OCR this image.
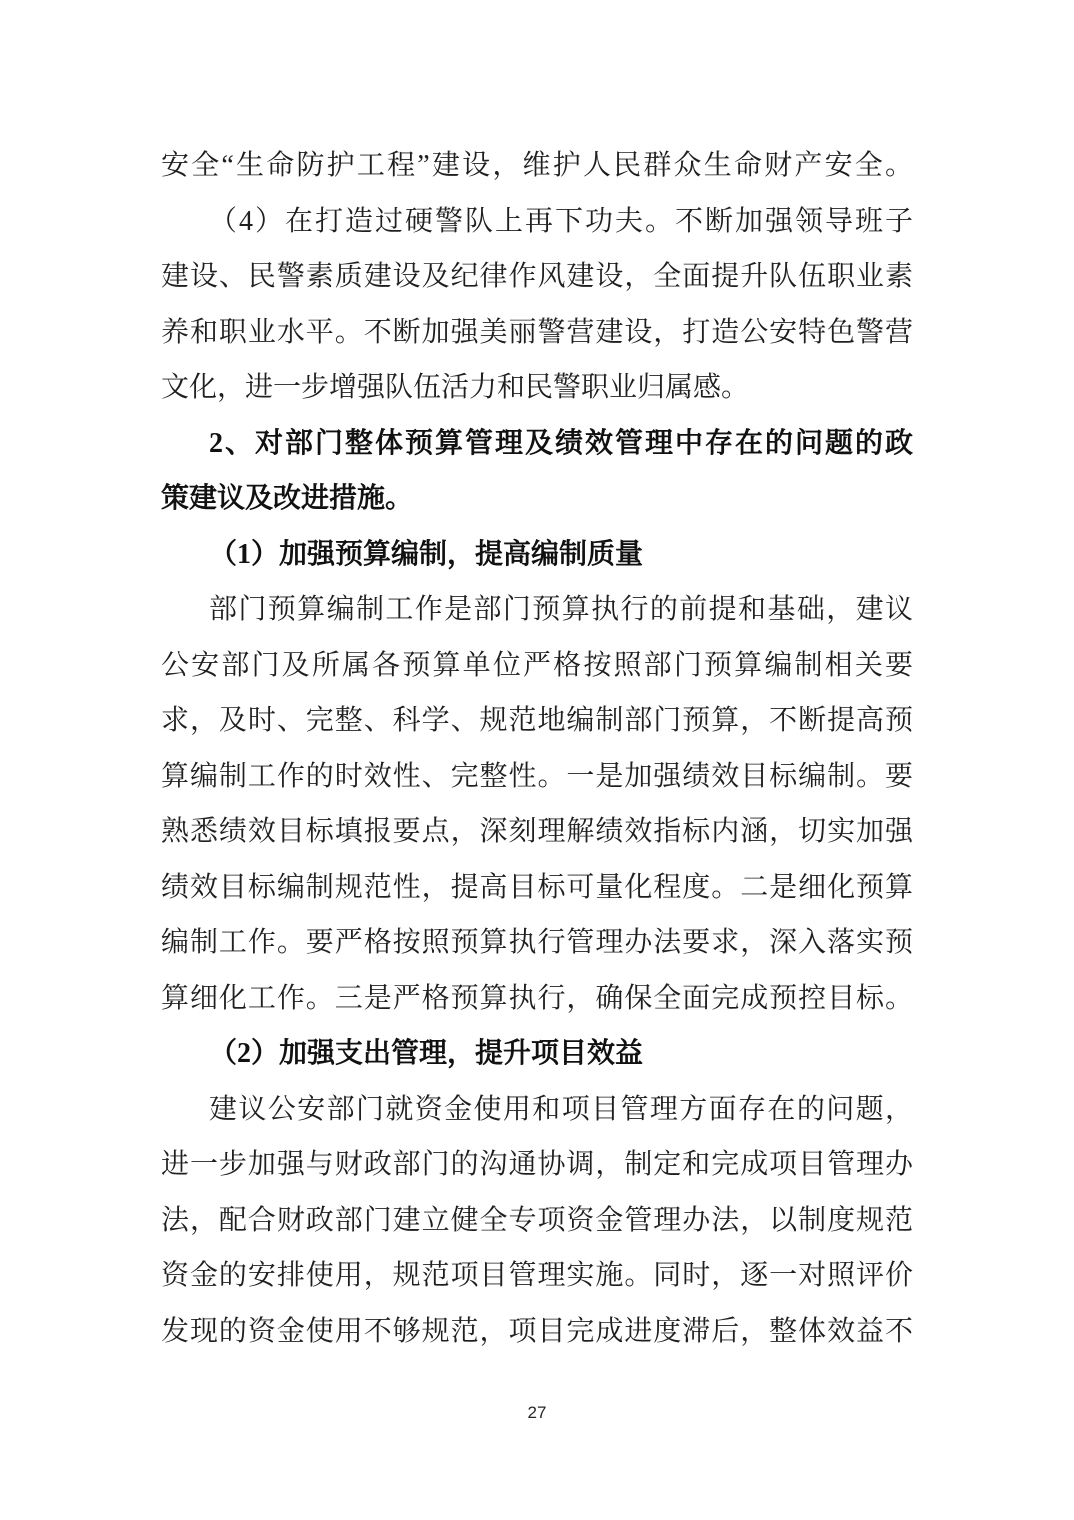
安全“生命防护工程”建设，维护人民群众生命财产安全。
（4）在打造过硬警队上再下功夫。不断加强领导班子
建设、民警素质建设及纪律作风建设，全面提升队伍职业素
养和职业水平。不断加强美丽警营建设，打造公安特色警营
文化，进一步增强队伍活力和民警职业归属感。
2、对部门整体预算管理及绩效管理中存在的问题的政
策建议及改进措施。
（1）加强预算编制，提高编制质量
部门预算编制工作是部门预算执行的前提和基础，建议
公安部门及所属各预算单位严格按照部门预算编制相关要
求，及时、完整、科学、规范地编制部门预算，不断提高预
算编制工作的时效性、完整性。一是加强绩效目标编制。要
熟悉绩效目标填报要点，深刻理解绩效指标内涵，切实加强
绩效目标编制规范性，提高目标可量化程度。二是细化预算
编制工作。要严格按照预算执行管理办法要求，深入落实预
算细化工作。三是严格预算执行，确保全面完成预控目标。
（2）加强支出管理，提升项目效益
建议公安部门就资金使用和项目管理方面存在的问题，
进一步加强与财政部门的沟通协调，制定和完成项目管理办
法，配合财政部门建立健全专项资金管理办法，以制度规范
资金的安排使用，规范项目管理实施。同时，逐一对照评价
发现的资金使用不够规范，项目完成进度滞后，整体效益不
27
